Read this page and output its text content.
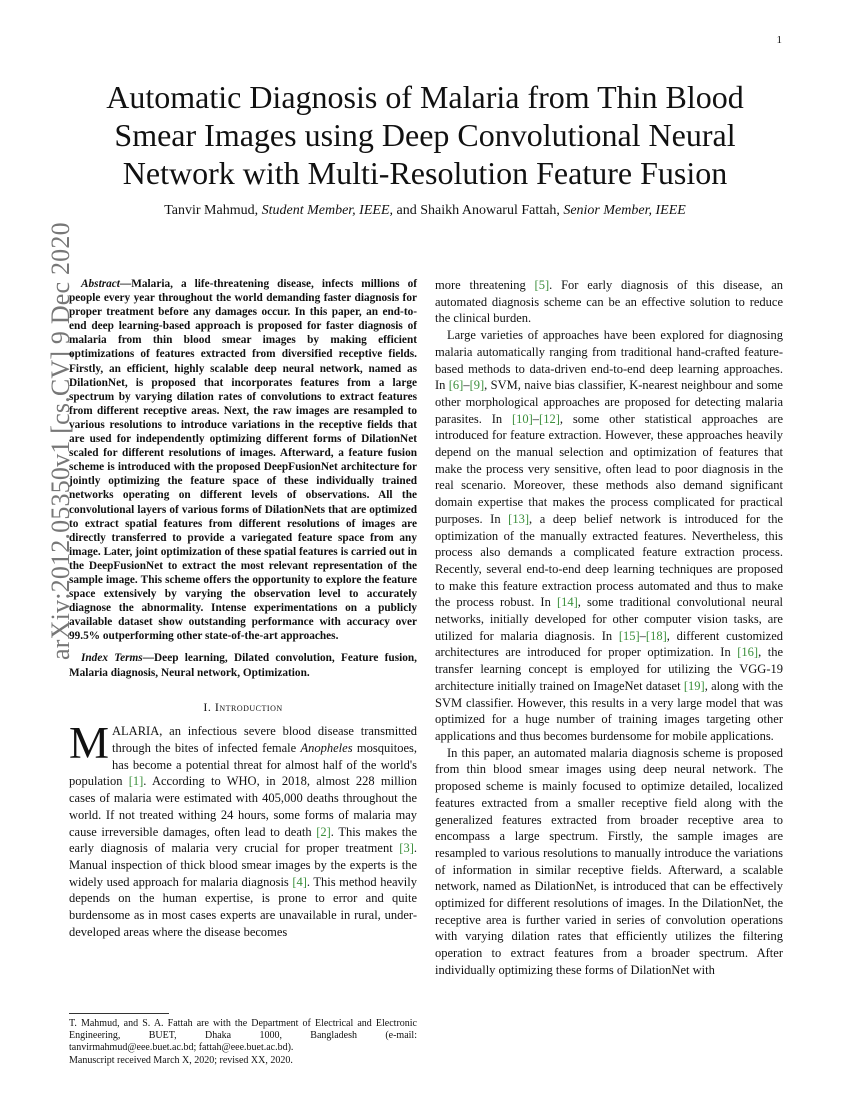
1
arXiv:2012.05350v1 [cs.CV] 9 Dec 2020
Automatic Diagnosis of Malaria from Thin Blood Smear Images using Deep Convolutional Neural Network with Multi-Resolution Feature Fusion
Tanvir Mahmud, Student Member, IEEE, and Shaikh Anowarul Fattah, Senior Member, IEEE

Abstract—Malaria, a life-threatening disease, infects millions of people every year throughout the world demanding faster diagnosis for proper treatment before any damages occur. In this paper, an end-to-end deep learning-based approach is proposed for faster diagnosis of malaria from thin blood smear images by making efficient optimizations of features extracted from diversified receptive fields. Firstly, an efficient, highly scalable deep neural network, named as DilationNet, is proposed that incorporates features from a large spectrum by varying dilation rates of convolutions to extract features from different receptive areas. Next, the raw images are resampled to various resolutions to introduce variations in the receptive fields that are used for independently optimizing different forms of DilationNet scaled for different resolutions of images. Afterward, a feature fusion scheme is introduced with the proposed DeepFusionNet architecture for jointly optimizing the feature space of these individually trained networks operating on different levels of observations. All the convolutional layers of various forms of DilationNets that are optimized to extract spatial features from different resolutions of images are directly transferred to provide a variegated feature space from any image. Later, joint optimization of these spatial features is carried out in the DeepFusionNet to extract the most relevant representation of the sample image. This scheme offers the opportunity to explore the feature space extensively by varying the observation level to accurately diagnose the abnormality. Intense experimentations on a publicly available dataset show outstanding performance with accuracy over 99.5% outperforming other state-of-the-art approaches.

Index Terms—Deep learning, Dilated convolution, Feature fusion, Malaria diagnosis, Neural network, Optimization.

I. Introduction

MALARIA, an infectious severe blood disease transmitted through the bites of infected female Anopheles mosquitoes, has become a potential threat for almost half of the world's population [1]. According to WHO, in 2018, almost 228 million cases of malaria were estimated with 405,000 deaths throughout the world. If not treated withing 24 hours, some forms of malaria may cause irreversible damages, often lead to death [2]. This makes the early diagnosis of malaria very crucial for proper treatment [3]. Manual inspection of thick blood smear images by the experts is the widely used approach for malaria diagnosis [4]. This method heavily depends on the human expertise, is prone to error and quite burdensome as in most cases experts are unavailable in rural, under-developed areas where the disease becomes

T. Mahmud, and S. A. Fattah are with the Department of Electrical and Electronic Engineering, BUET, Dhaka 1000, Bangladesh (e-mail: tanvirmahmud@eee.buet.ac.bd; fattah@eee.buet.ac.bd).

Manuscript received March X, 2020; revised XX, 2020.

more threatening [5]. For early diagnosis of this disease, an automated diagnosis scheme can be an effective solution to reduce the clinical burden.

Large varieties of approaches have been explored for diagnosing malaria automatically ranging from traditional hand-crafted feature-based methods to data-driven end-to-end deep learning approaches. In [6]–[9], SVM, naive bias classifier, K-nearest neighbour and some other morphological approaches are proposed for detecting malaria parasites. In [10]–[12], some other statistical approaches are introduced for feature extraction. However, these approaches heavily depend on the manual selection and optimization of features that make the process very sensitive, often lead to poor diagnosis in the real scenario. Moreover, these methods also demand significant domain expertise that makes the process complicated for practical purposes. In [13], a deep belief network is introduced for the optimization of the manually extracted features. Nevertheless, this process also demands a complicated feature extraction process. Recently, several end-to-end deep learning techniques are proposed to make this feature extraction process automated and thus to make the process robust. In [14], some traditional convolutional neural networks, initially developed for other computer vision tasks, are utilized for malaria diagnosis. In [15]–[18], different customized architectures are introduced for proper optimization. In [16], the transfer learning concept is employed for utilizing the VGG-19 architecture initially trained on ImageNet dataset [19], along with the SVM classifier. However, this results in a very large model that was optimized for a huge number of training images targeting other applications and thus becomes burdensome for mobile applications.

In this paper, an automated malaria diagnosis scheme is proposed from thin blood smear images using deep neural network. The proposed scheme is mainly focused to optimize detailed, localized features extracted from a smaller receptive field along with the generalized features extracted from broader receptive area to encompass a large spectrum. Firstly, the sample images are resampled to various resolutions to manually introduce the variations of information in similar receptive fields. Afterward, a scalable network, named as DilationNet, is introduced that can be effectively optimized for different resolutions of images. In the DilationNet, the receptive area is further varied in series of convolution operations with varying dilation rates that efficiently utilizes the filtering operation to extract features from a broader spectrum. After individually optimizing these forms of DilationNet with
